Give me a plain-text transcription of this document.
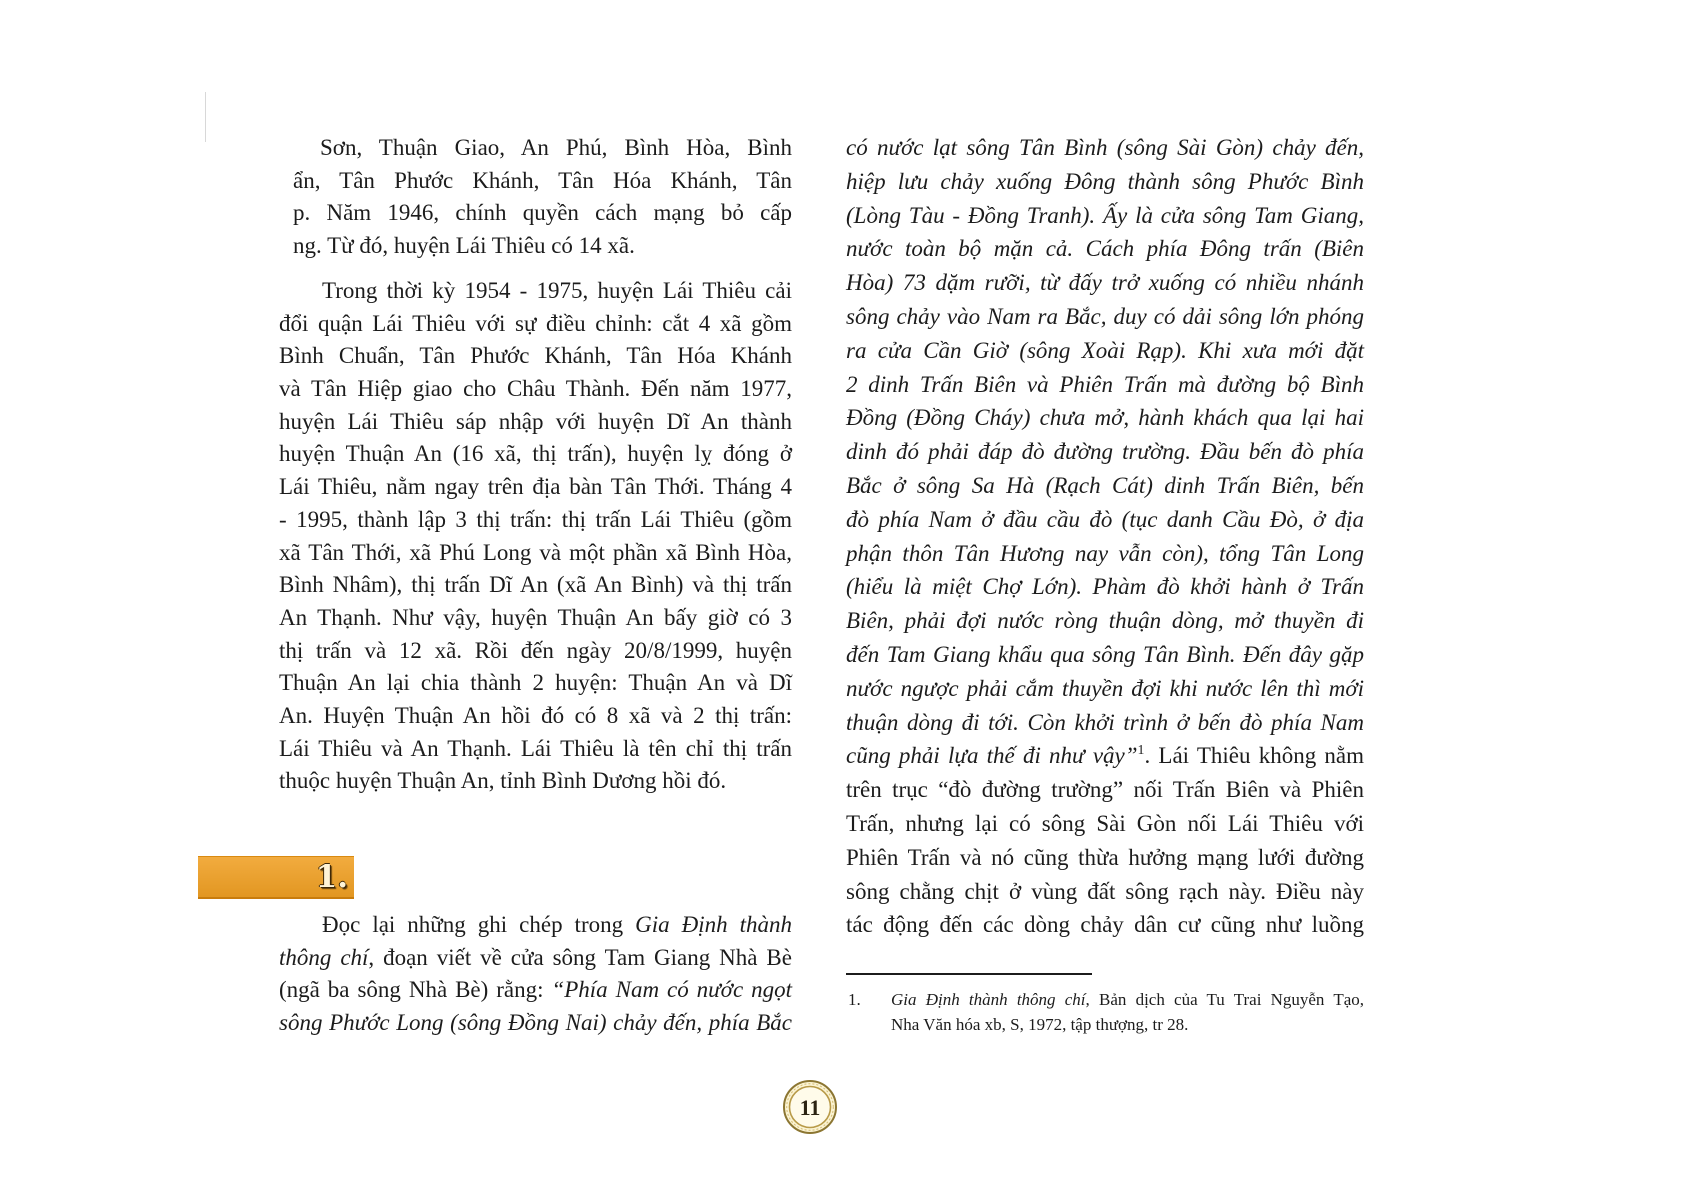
Sơn, Thuận Giao, An Phú, Bình Hòa, Bình
ẩn, Tân Phước Khánh, Tân Hóa Khánh, Tân
p. Năm 1946, chính quyền cách mạng bỏ cấp
ng. Từ đó, huyện Lái Thiêu có 14 xã.
Trong thời kỳ 1954 - 1975, huyện Lái Thiêu cải
đổi quận Lái Thiêu với sự điều chỉnh: cắt 4 xã gồm
Bình Chuẩn, Tân Phước Khánh, Tân Hóa Khánh
và Tân Hiệp giao cho Châu Thành. Đến năm 1977,
huyện Lái Thiêu sáp nhập với huyện Dĩ An thành
huyện Thuận An (16 xã, thị trấn), huyện lỵ đóng ở
Lái Thiêu, nằm ngay trên địa bàn Tân Thới. Tháng 4
- 1995, thành lập 3 thị trấn: thị trấn Lái Thiêu (gồm
xã Tân Thới, xã Phú Long và một phần xã Bình Hòa,
Bình Nhâm), thị trấn Dĩ An (xã An Bình) và thị trấn
An Thạnh. Như vậy, huyện Thuận An bấy giờ có 3
thị trấn và 12 xã. Rồi đến ngày 20/8/1999, huyện
Thuận An lại chia thành 2 huyện: Thuận An và Dĩ
An. Huyện Thuận An hồi đó có 8 xã và 2 thị trấn:
Lái Thiêu và An Thạnh. Lái Thiêu là tên chỉ thị trấn
thuộc huyện Thuận An, tỉnh Bình Dương hồi đó.
1.
Đọc lại những ghi chép trong Gia Định thành
thông chí, đoạn viết về cửa sông Tam Giang Nhà Bè
(ngã ba sông Nhà Bè) rằng: “Phía Nam có nước ngọt
sông Phước Long (sông Đồng Nai) chảy đến, phía Bắc
có nước lạt sông Tân Bình (sông Sài Gòn) chảy đến,
hiệp lưu chảy xuống Đông thành sông Phước Bình
(Lòng Tàu - Đồng Tranh). Ấy là cửa sông Tam Giang,
nước toàn bộ mặn cả. Cách phía Đông trấn (Biên
Hòa) 73 dặm rưỡi, từ đấy trở xuống có nhiều nhánh
sông chảy vào Nam ra Bắc, duy có dải sông lớn phóng
ra cửa Cần Giờ (sông Xoài Rạp). Khi xưa mới đặt
2 dinh Trấn Biên và Phiên Trấn mà đường bộ Bình
Đồng (Đồng Cháy) chưa mở, hành khách qua lại hai
dinh đó phải đáp đò đường trường. Đầu bến đò phía
Bắc ở sông Sa Hà (Rạch Cát) dinh Trấn Biên, bến
đò phía Nam ở đầu cầu đò (tục danh Cầu Đò, ở địa
phận thôn Tân Hương nay vẫn còn), tổng Tân Long
(hiểu là miệt Chợ Lớn). Phàm đò khởi hành ở Trấn
Biên, phải đợi nước ròng thuận dòng, mở thuyền đi
đến Tam Giang khẩu qua sông Tân Bình. Đến đây gặp
nước ngược phải cắm thuyền đợi khi nước lên thì mới
thuận dòng đi tới. Còn khởi trình ở bến đò phía Nam
cũng phải lựa thế đi như vậy”$^1$. Lái Thiêu không nằm
trên trục “đò đường trường” nối Trấn Biên và Phiên
Trấn, nhưng lại có sông Sài Gòn nối Lái Thiêu với
Phiên Trấn và nó cũng thừa hưởng mạng lưới đường
sông chằng chịt ở vùng đất sông rạch này. Điều này
tác động đến các dòng chảy dân cư cũng như luồng
1. Gia Định thành thông chí, Bản dịch của Tu Trai Nguyễn Tạo,
Nha Văn hóa xb, S, 1972, tập thượng, tr 28.
11
